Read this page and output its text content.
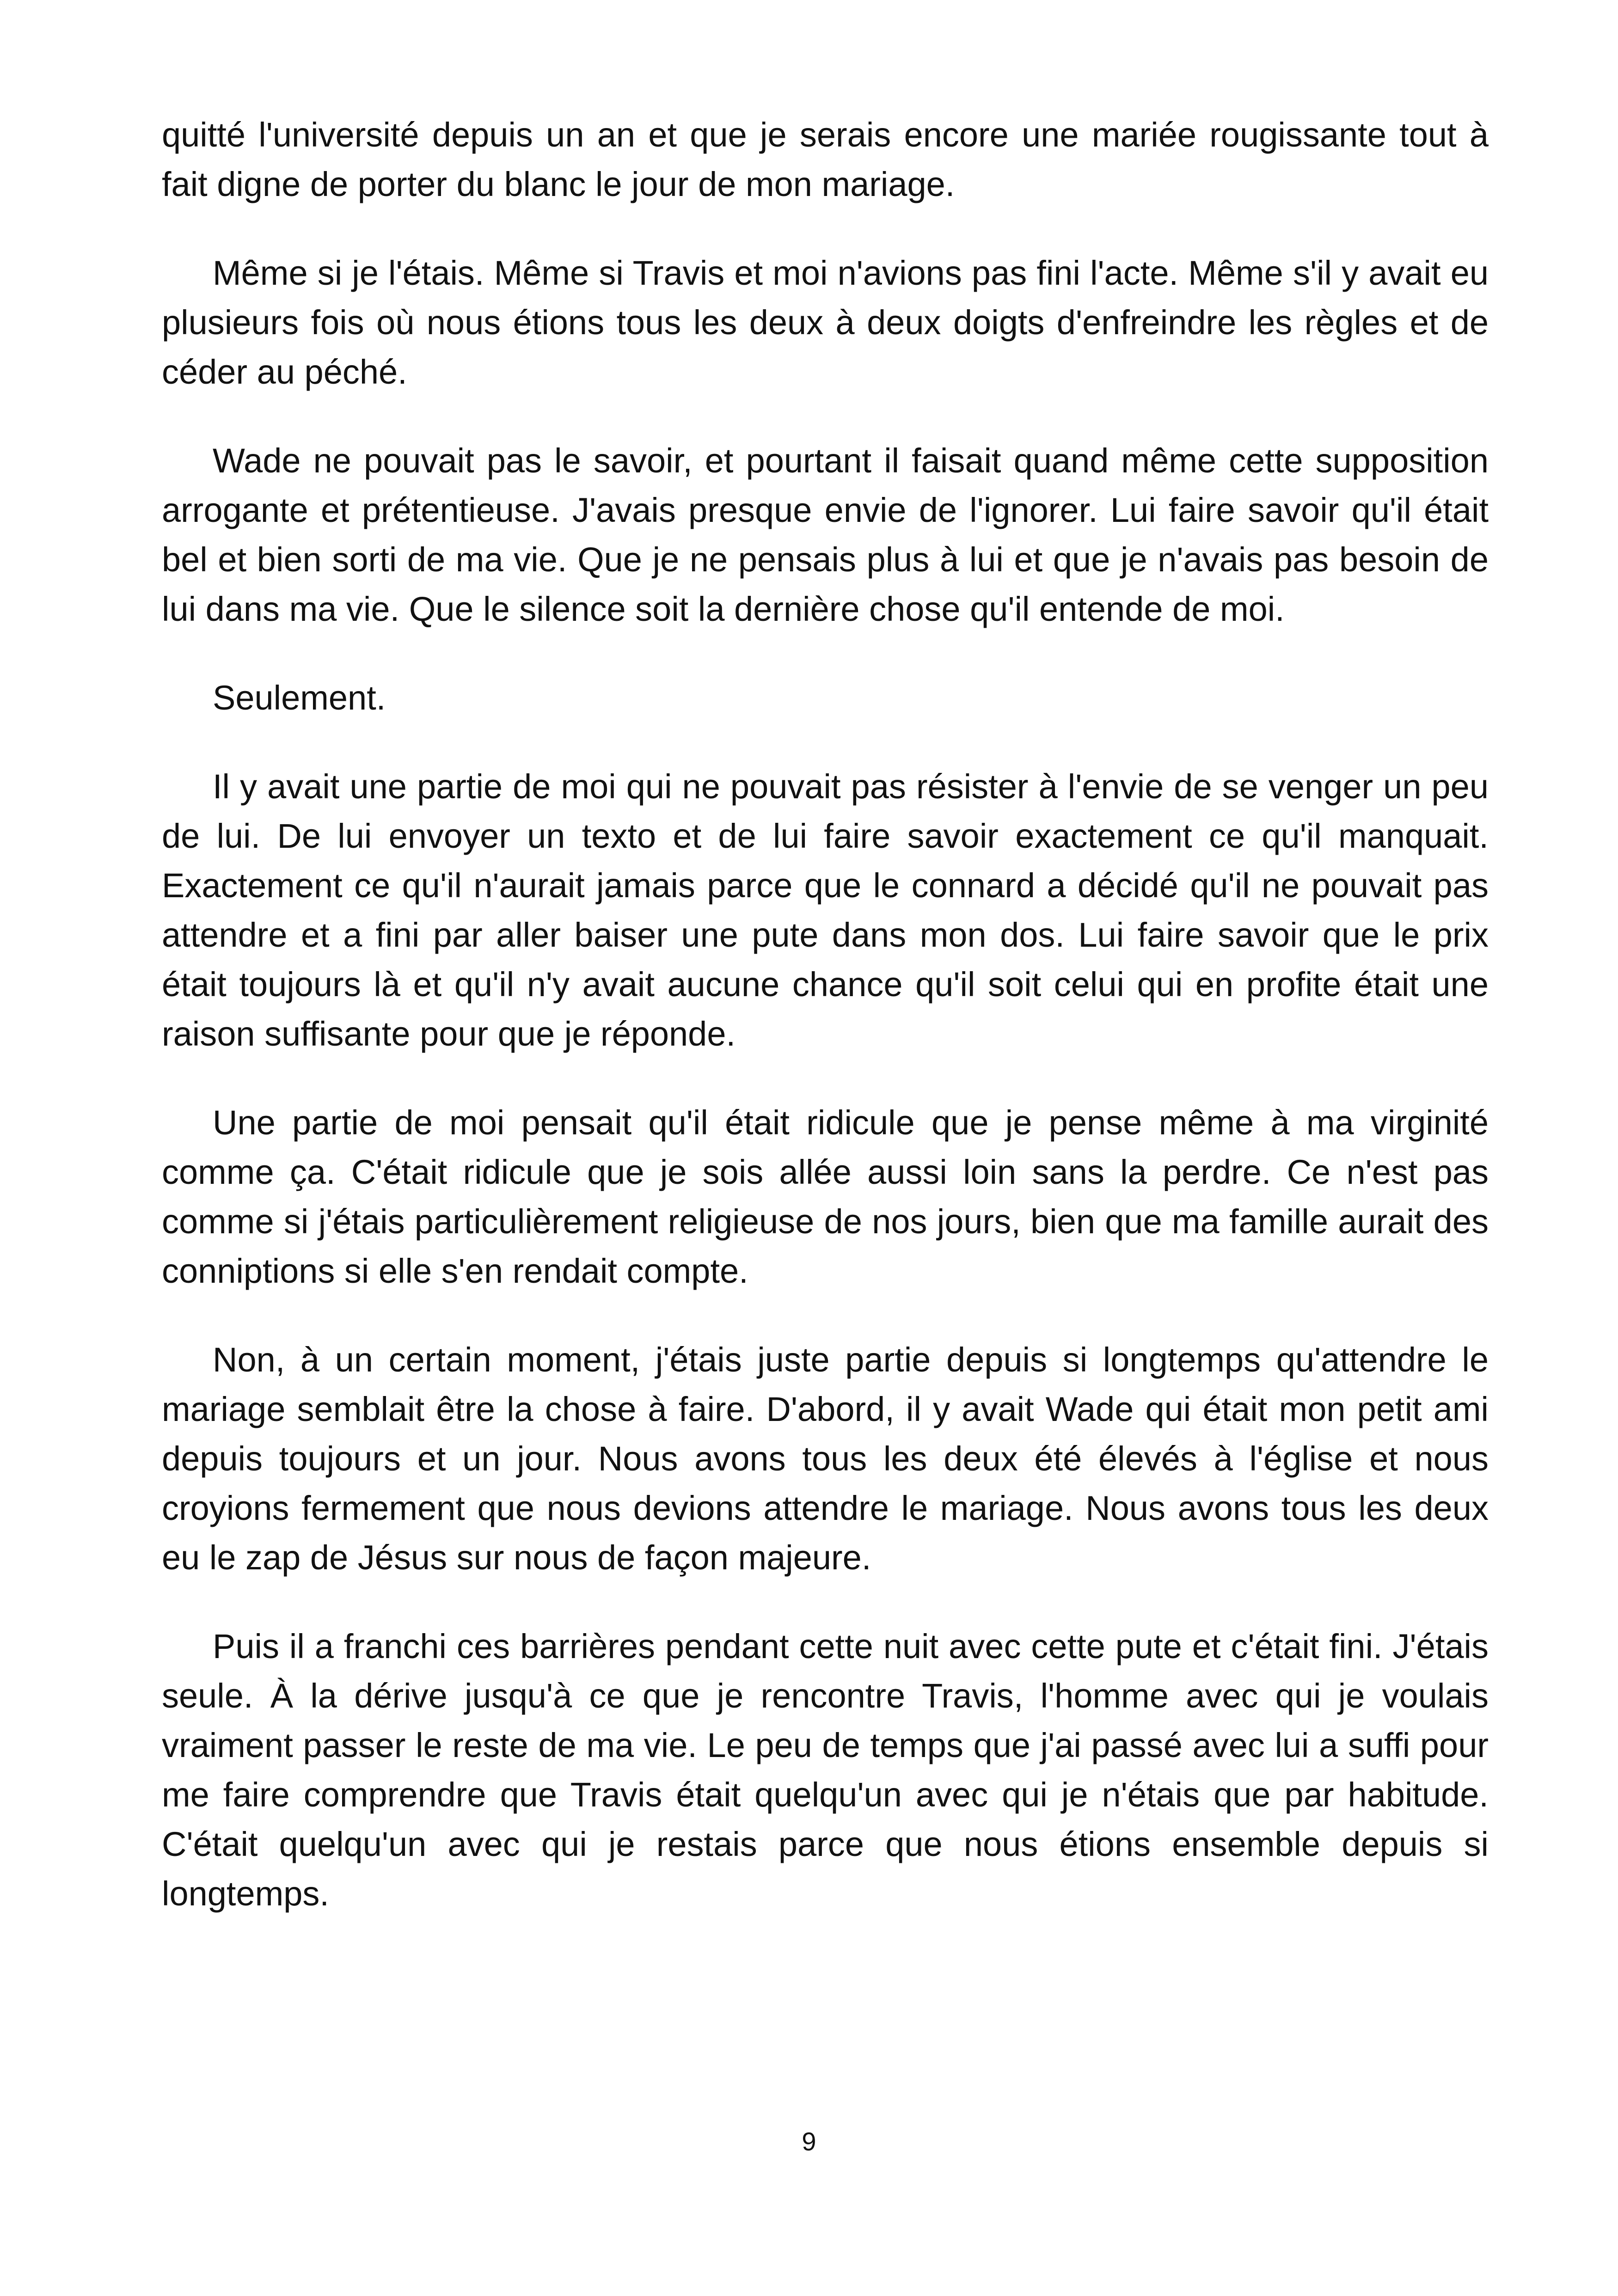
quitté l'université depuis un an et que je serais encore une mariée rougissante tout à fait digne de porter du blanc le jour de mon mariage.

Même si je l'étais. Même si Travis et moi n'avions pas fini l'acte. Même s'il y avait eu plusieurs fois où nous étions tous les deux à deux doigts d'enfreindre les règles et de céder au péché.

Wade ne pouvait pas le savoir, et pourtant il faisait quand même cette supposition arrogante et prétentieuse. J'avais presque envie de l'ignorer. Lui faire savoir qu'il était bel et bien sorti de ma vie. Que je ne pensais plus à lui et que je n'avais pas besoin de lui dans ma vie. Que le silence soit la dernière chose qu'il entende de moi.

Seulement.

Il y avait une partie de moi qui ne pouvait pas résister à l'envie de se venger un peu de lui. De lui envoyer un texto et de lui faire savoir exactement ce qu'il manquait. Exactement ce qu'il n'aurait jamais parce que le connard a décidé qu'il ne pouvait pas attendre et a fini par aller baiser une pute dans mon dos. Lui faire savoir que le prix était toujours là et qu'il n'y avait aucune chance qu'il soit celui qui en profite était une raison suffisante pour que je réponde.

Une partie de moi pensait qu'il était ridicule que je pense même à ma virginité comme ça. C'était ridicule que je sois allée aussi loin sans la perdre. Ce n'est pas comme si j'étais particulièrement religieuse de nos jours, bien que ma famille aurait des conniptions si elle s'en rendait compte.

Non, à un certain moment, j'étais juste partie depuis si longtemps qu'attendre le mariage semblait être la chose à faire. D'abord, il y avait Wade qui était mon petit ami depuis toujours et un jour. Nous avons tous les deux été élevés à l'église et nous croyions fermement que nous devions attendre le mariage. Nous avons tous les deux eu le zap de Jésus sur nous de façon majeure.

Puis il a franchi ces barrières pendant cette nuit avec cette pute et c'était fini. J'étais seule. À la dérive jusqu'à ce que je rencontre Travis, l'homme avec qui je voulais vraiment passer le reste de ma vie. Le peu de temps que j'ai passé avec lui a suffi pour me faire comprendre que Travis était quelqu'un avec qui je n'étais que par habitude. C'était quelqu'un avec qui je restais parce que nous étions ensemble depuis si longtemps.

9
